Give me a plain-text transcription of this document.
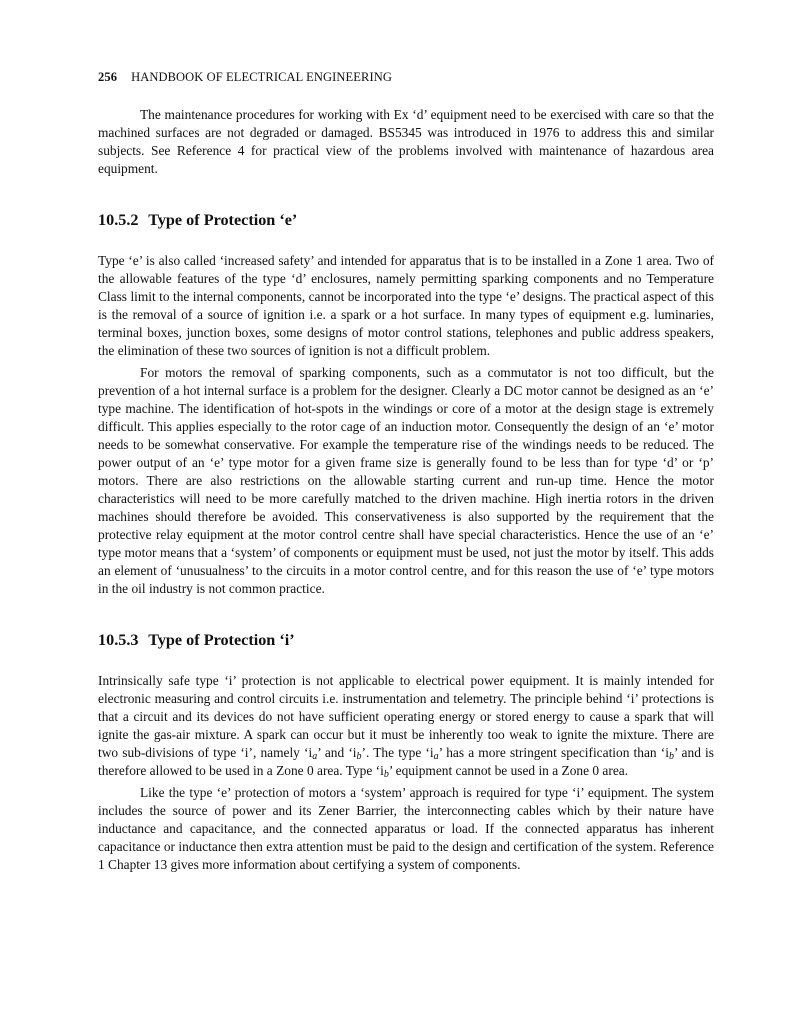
256 HANDBOOK OF ELECTRICAL ENGINEERING

The maintenance procedures for working with Ex ‘d’ equipment need to be exercised with care so that the machined surfaces are not degraded or damaged. BS5345 was introduced in 1976 to address this and similar subjects. See Reference 4 for practical view of the problems involved with maintenance of hazardous area equipment.

10.5.2 Type of Protection ‘e’

Type ‘e’ is also called ‘increased safety’ and intended for apparatus that is to be installed in a Zone 1 area. Two of the allowable features of the type ‘d’ enclosures, namely permitting sparking components and no Temperature Class limit to the internal components, cannot be incorporated into the type ‘e’ designs. The practical aspect of this is the removal of a source of ignition i.e. a spark or a hot surface. In many types of equipment e.g. luminaries, terminal boxes, junction boxes, some designs of motor control stations, telephones and public address speakers, the elimination of these two sources of ignition is not a difficult problem.

For motors the removal of sparking components, such as a commutator is not too difficult, but the prevention of a hot internal surface is a problem for the designer. Clearly a DC motor cannot be designed as an ‘e’ type machine. The identification of hot-spots in the windings or core of a motor at the design stage is extremely difficult. This applies especially to the rotor cage of an induction motor. Consequently the design of an ‘e’ motor needs to be somewhat conservative. For example the temperature rise of the windings needs to be reduced. The power output of an ‘e’ type motor for a given frame size is generally found to be less than for type ‘d’ or ‘p’ motors. There are also restrictions on the allowable starting current and run-up time. Hence the motor characteristics will need to be more carefully matched to the driven machine. High inertia rotors in the driven machines should therefore be avoided. This conservativeness is also supported by the requirement that the protective relay equipment at the motor control centre shall have special characteristics. Hence the use of an ‘e’ type motor means that a ‘system’ of components or equipment must be used, not just the motor by itself. This adds an element of ‘unusualness’ to the circuits in a motor control centre, and for this reason the use of ‘e’ type motors in the oil industry is not common practice.

10.5.3 Type of Protection ‘i’

Intrinsically safe type ‘i’ protection is not applicable to electrical power equipment. It is mainly intended for electronic measuring and control circuits i.e. instrumentation and telemetry. The principle behind ‘i’ protections is that a circuit and its devices do not have sufficient operating energy or stored energy to cause a spark that will ignite the gas-air mixture. A spark can occur but it must be inherently too weak to ignite the mixture. There are two sub-divisions of type ‘i’, namely ‘$i_a$’ and ‘$i_b$’. The type ‘$i_a$’ has a more stringent specification than ‘$i_b$’ and is therefore allowed to be used in a Zone 0 area. Type ‘$i_b$’ equipment cannot be used in a Zone 0 area.

Like the type ‘e’ protection of motors a ‘system’ approach is required for type ‘i’ equipment. The system includes the source of power and its Zener Barrier, the interconnecting cables which by their nature have inductance and capacitance, and the connected apparatus or load. If the connected apparatus has inherent capacitance or inductance then extra attention must be paid to the design and certification of the system. Reference 1 Chapter 13 gives more information about certifying a system of components.
